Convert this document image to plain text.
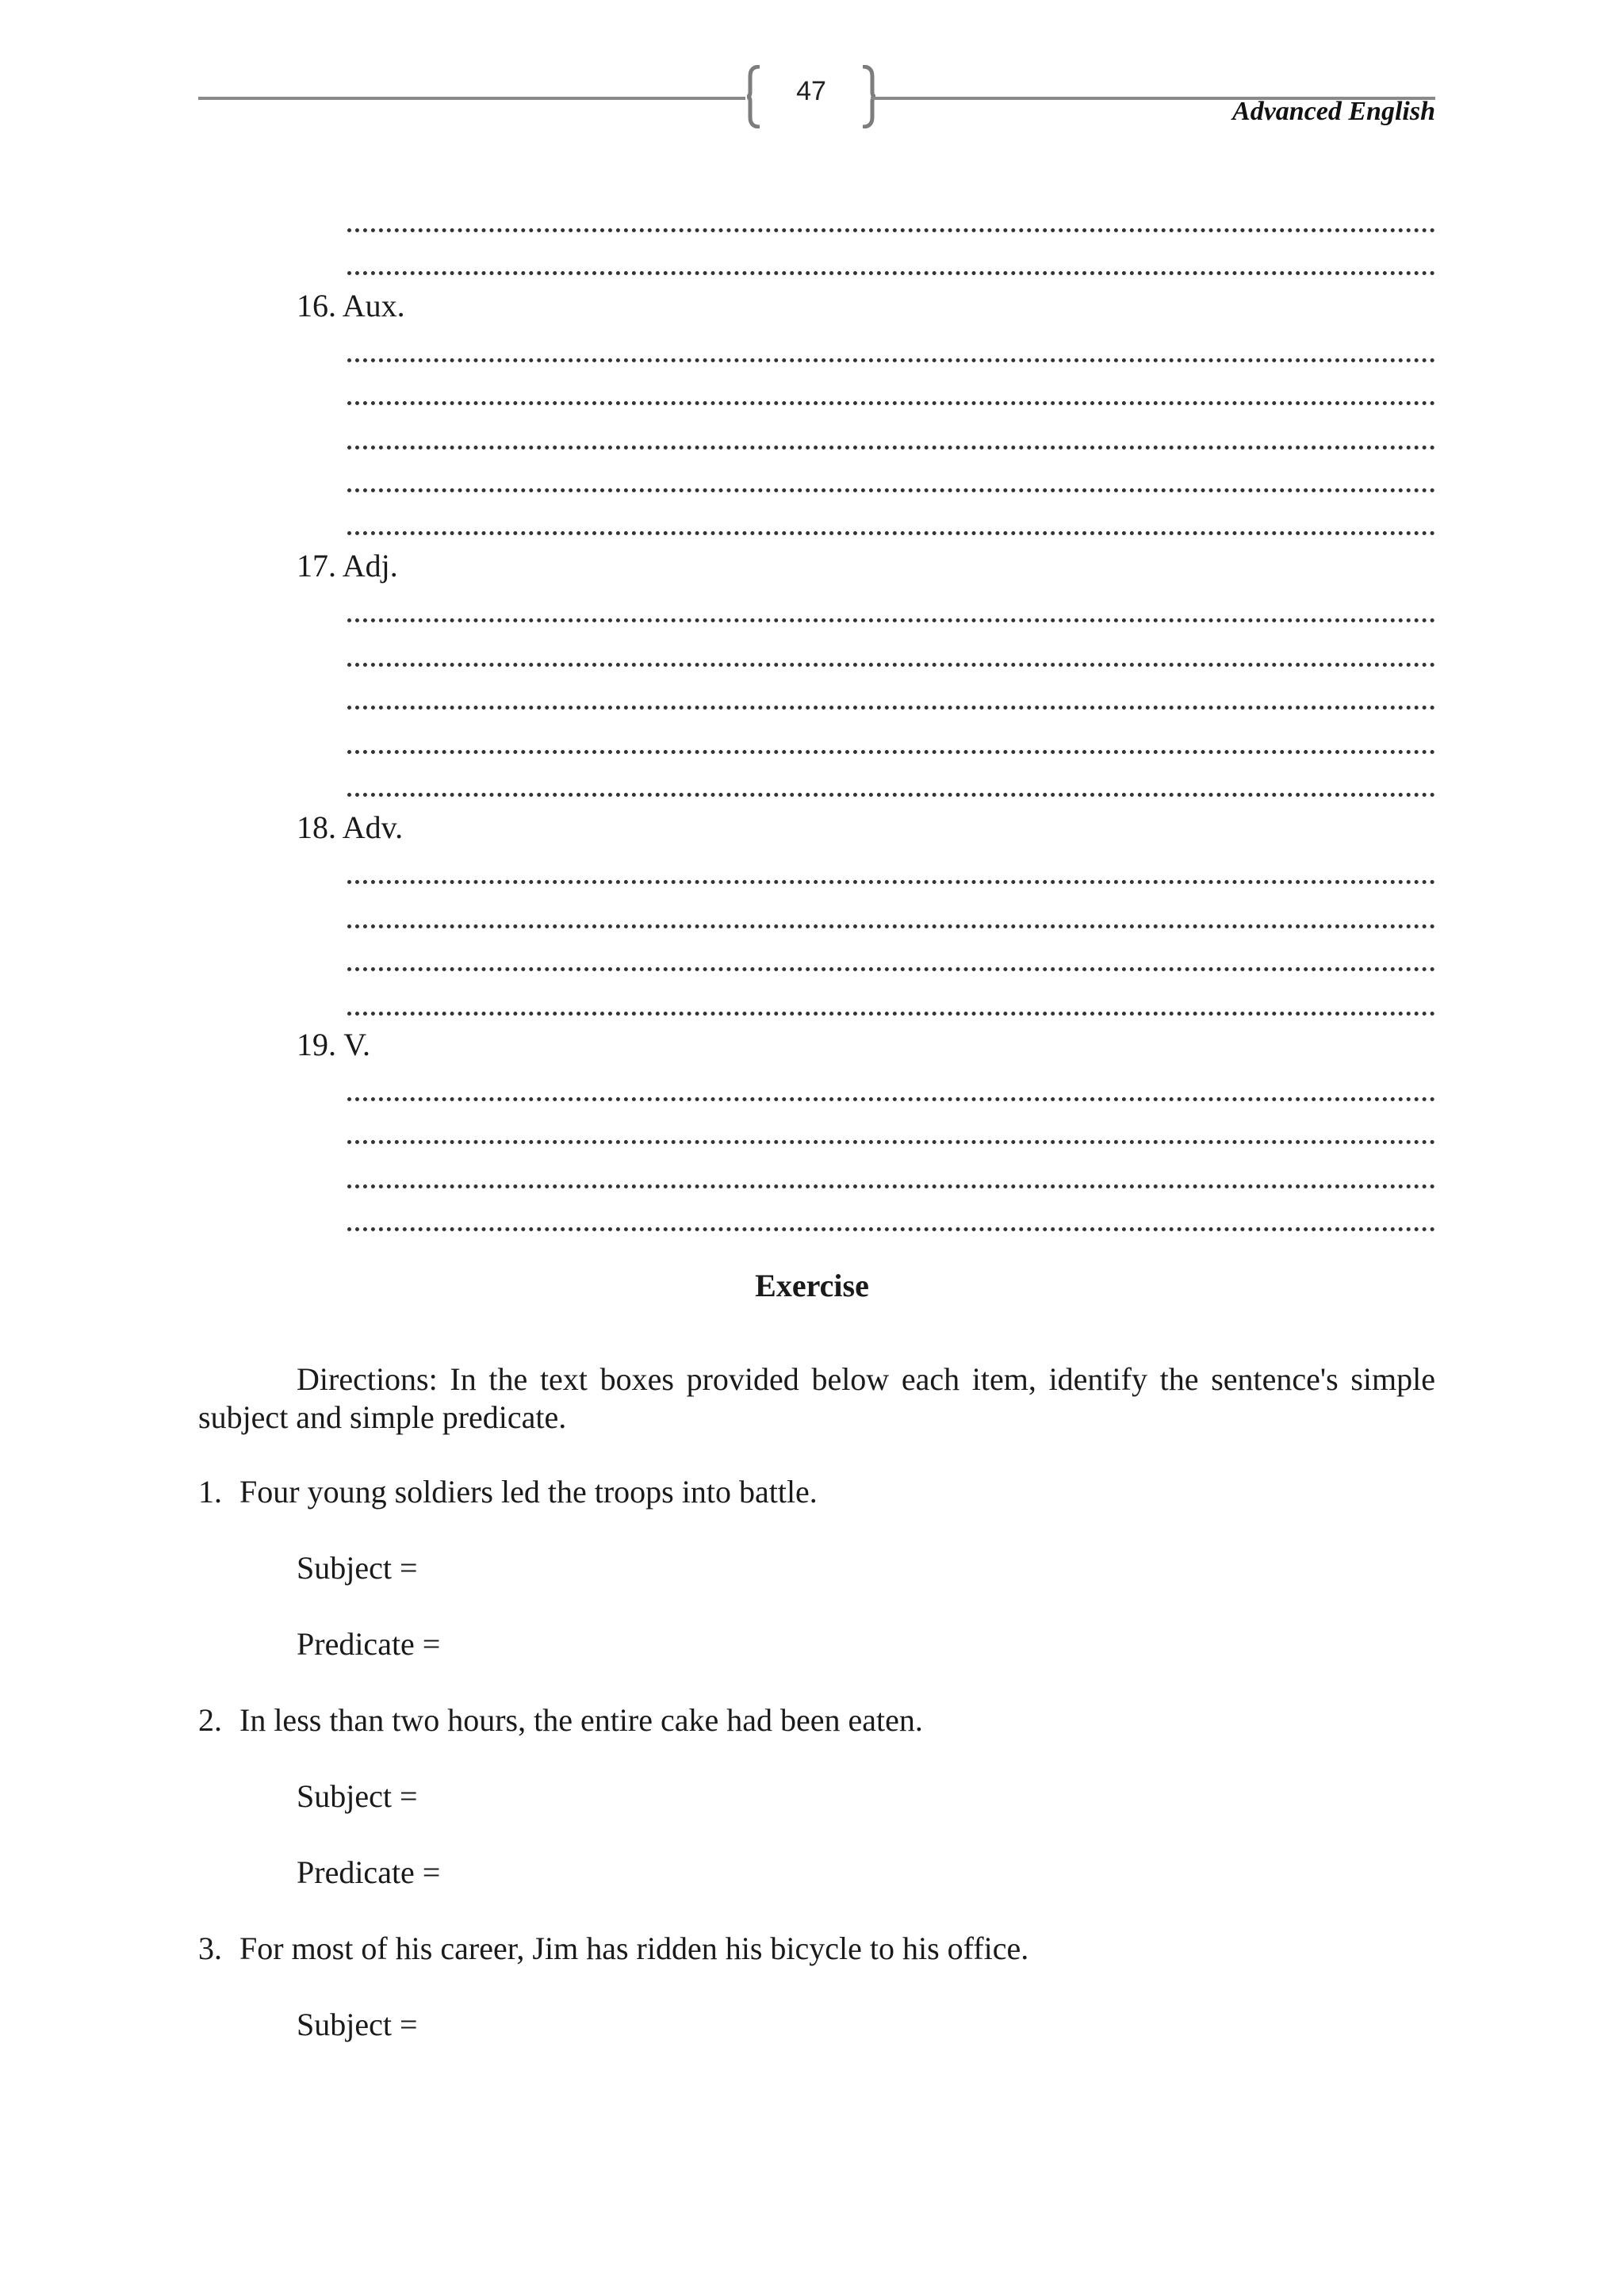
47
Advanced English
16. Aux.
17. Adj.
18. Adv.
19. V.
Exercise
Directions: In the text boxes provided below each item, identify the sentence's simple subject and simple predicate.
1. Four young soldiers led the troops into battle.
Subject =
Predicate =
2. In less than two hours, the entire cake had been eaten.
Subject =
Predicate =
3. For most of his career, Jim has ridden his bicycle to his office.
Subject =
